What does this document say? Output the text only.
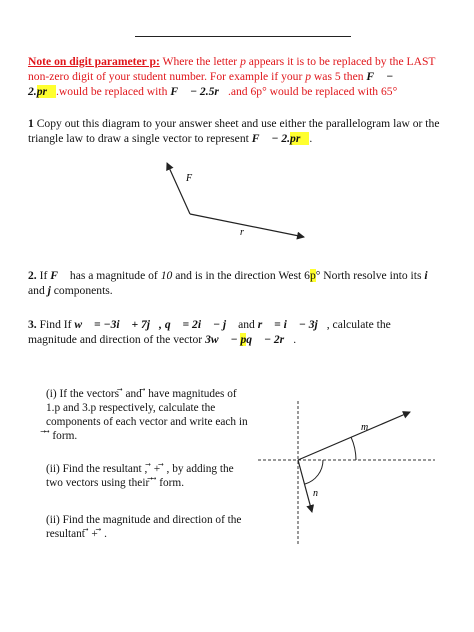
Note on digit parameter p: Where the letter p appears it is to be replaced by the LAST non-zero digit of your student number. For example if your p was 5 then F⃗ − 2.pr⃗.would be replaced with F⃗ − 2.5r⃗.and 6p° would be replaced with 65°
1 Copy out this diagram to your answer sheet and use either the parallelogram law or the triangle law to draw a single vector to represent F⃗ − 2.pr⃗.
F⃗
r⃗
m⃗
n⃗
2. If F⃗ has a magnitude of 10 and is in the direction West 6p° North resolve into its i and j components.
3. Find If w⃗ = −3i⃗ + 7j⃗, q⃗ = 2i⃗ − j⃗ and r⃗ = i⃗ − 3j⃗, calculate the magnitude and direction of the vector 3w⃗ − pq⃗ − 2r⃗.
(i) If the vectors ⃗ and ⃗ have magnitudes of 1.p and 3.p respectively, calculate the components of each vector and write each in ⃗ ⃗ form.
(ii) Find the resultant , ⃗ + ⃗ , by adding the two vectors using their ⃗ ⃗ form.
(ii) Find the magnitude and direction of the resultant ⃗ + ⃗ .
